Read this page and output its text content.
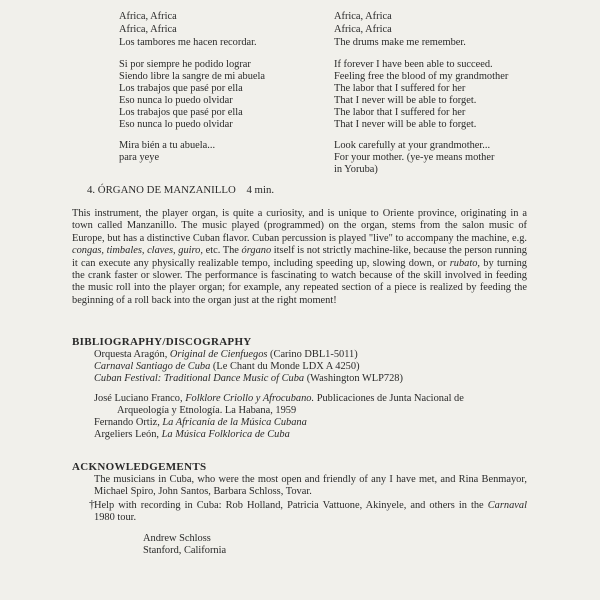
Africa, Africa
Africa, Africa
Los tambores me hacen recordar.
Si por siempre he podido lograr
Siendo libre la sangre de mi abuela
Los trabajos que pasé por ella
Eso nunca lo puedo olvidar
Los trabajos que pasé por ella
Eso nunca lo puedo olvidar
Mira bién a tu abuela...
para yeye
Africa, Africa
Africa, Africa
The drums make me remember.
If forever I have been able to succeed.
Feeling free the blood of my grandmother
The labor that I suffered for her
That I never will be able to forget.
The labor that I suffered for her
That I never will be able to forget.
Look carefully at your grandmother...
For your mother. (ye-ye means mother
in Yoruba)
4. ÓRGANO DE MANZANILLO 4 min.
This instrument, the player organ, is quite a curiosity, and is unique to Oriente province, originating in a town called Manzanillo. The music played (programmed) on the organ, stems from the salon music of Europe, but has a distinctive Cuban flavor. Cuban percussion is played "live" to accompany the machine, e.g. congas, timbales, claves, guiro, etc. The órgano itself is not strictly machine-like, because the person running it can execute any physically realizable tempo, including speeding up, slowing down, or rubato, by turning the crank faster or slower. The performance is fascinating to watch because of the skill involved in feeding the music roll into the player organ; for example, any repeated section of a piece is realized by feeding the beginning of a roll back into the organ just at the right moment!
BIBLIOGRAPHY/DISCOGRAPHY
Orquesta Aragón, Original de Cienfuegos (Carino DBL1-5011)
Carnaval Santiago de Cuba (Le Chant du Monde LDX A 4250)
Cuban Festival: Traditional Dance Music of Cuba (Washington WLP728)
José Luciano Franco, Folklore Criollo y Afrocubano. Publicaciones de Junta Nacional de
Arqueología y Etnología. La Habana, 1959
Fernando Ortiz, La Africanía de la Música Cubana
Argeliers León, La Música Folklorica de Cuba
ACKNOWLEDGEMENTS
The musicians in Cuba, who were the most open and friendly of any I have met, and Rina Benmayor, Michael Spiro, John Santos, Barbara Schloss, Tovar.
† Help with recording in Cuba: Rob Holland, Patricia Vattuone, Akinyele, and others in the Carnaval 1980 tour.
Andrew Schloss
Stanford, California
